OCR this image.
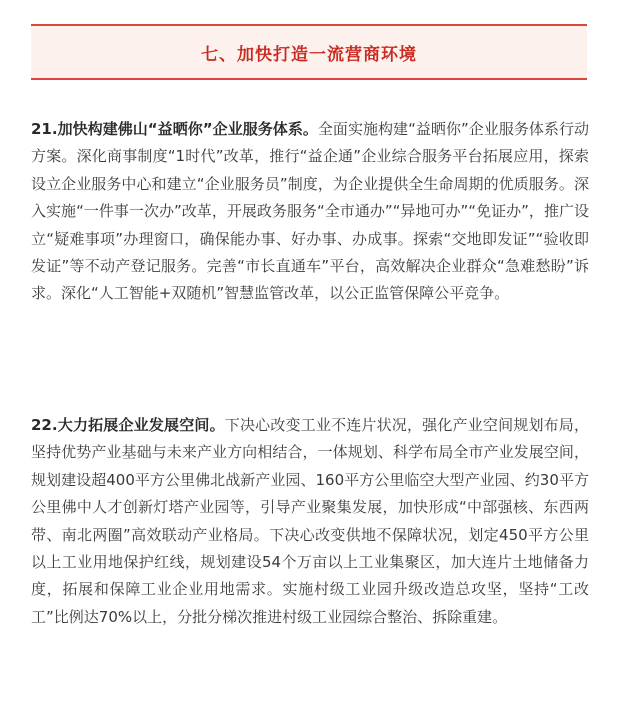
七、加快打造一流营商环境

21.加快构建佛山“益晒你”企业服务体系。全面实施构建“益晒你”企业服务体系行动方案。深化商事制度“1时代”改革，推行“益企通”企业综合服务平台拓展应用，探索设立企业服务中心和建立“企业服务员”制度，为企业提供全生命周期的优质服务。深入实施“一件事一次办”改革，开展政务服务“全市通办”“异地可办”“免证办”，推广设立“疑难事项”办理窗口，确保能办事、好办事、办成事。探索“交地即发证”“验收即发证”等不动产登记服务。完善“市长直通车”平台，高效解决企业群众“急难愁盼”诉求。深化“人工智能+双随机”智慧监管改革，以公正监管保障公平竞争。

22.大力拓展企业发展空间。下决心改变工业不连片状况，强化产业空间规划布局，坚持优势产业基础与未来产业方向相结合，一体规划、科学布局全市产业发展空间，规划建设超400平方公里佛北战新产业园、160平方公里临空大型产业园、约30平方公里佛中人才创新灯塔产业园等，引导产业聚集发展，加快形成“中部强核、东西两带、南北两圈”高效联动产业格局。下决心改变供地不保障状况，划定450平方公里以上工业用地保护红线，规划建设54个万亩以上工业集聚区，加大连片土地储备力度，拓展和保障工业企业用地需求。实施村级工业园升级改造总攻坚，坚持“工改工”比例达70%以上，分批分梯次推进村级工业园综合整治、拆除重建。
